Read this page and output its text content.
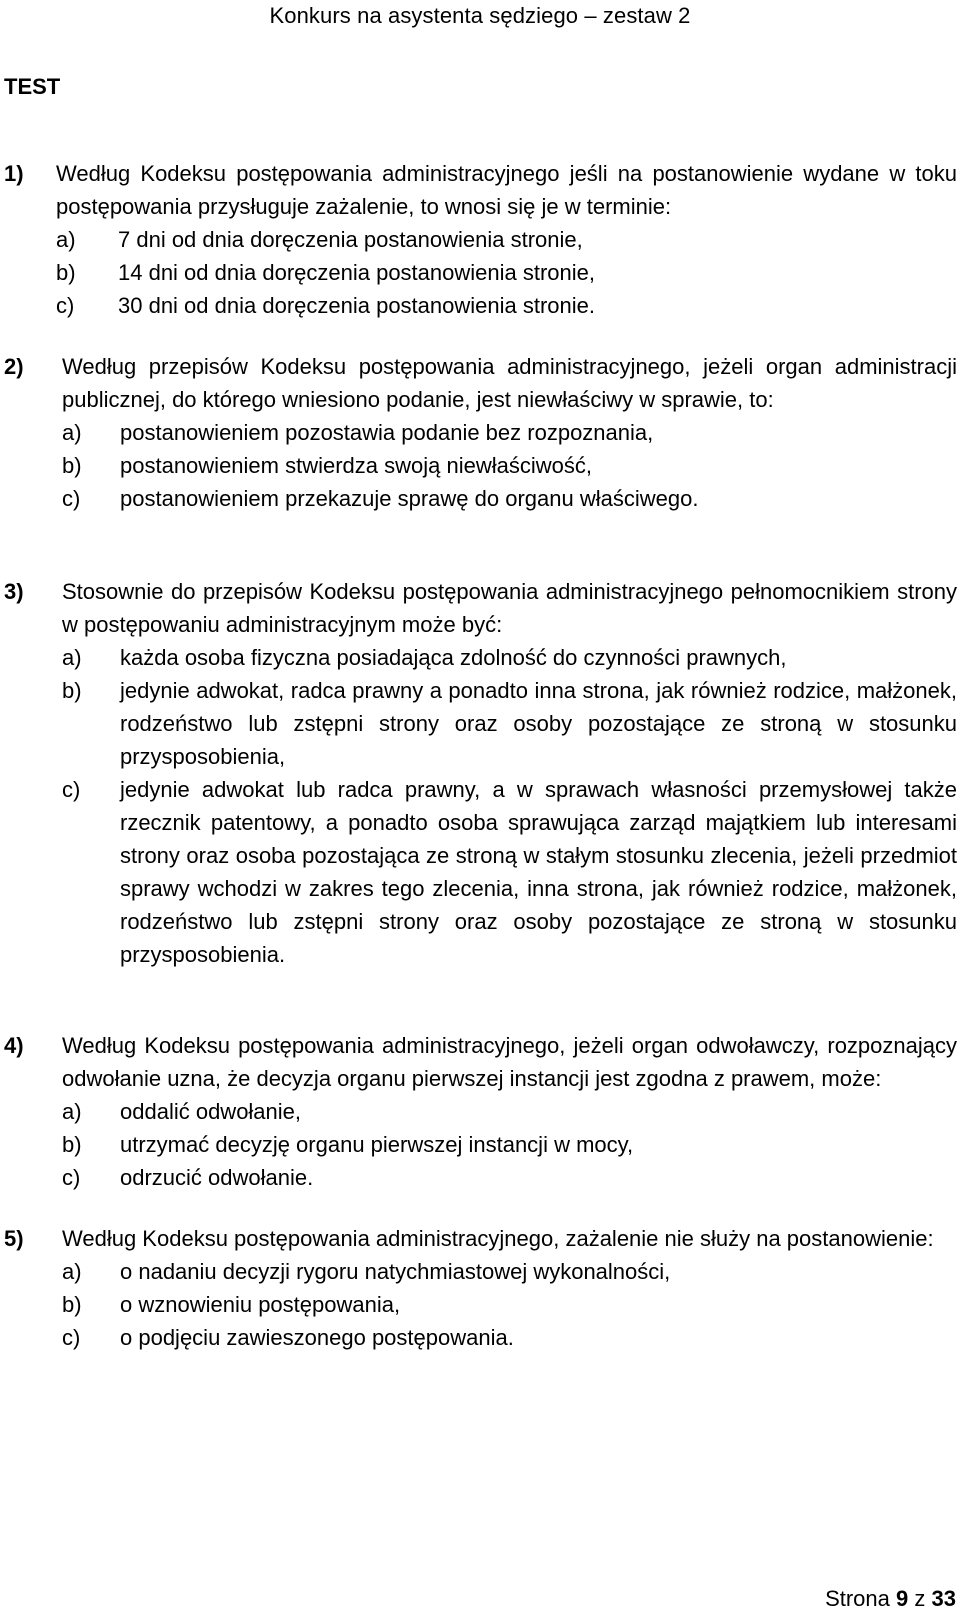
Konkurs na asystenta sędziego – zestaw 2
TEST
1)	Według Kodeksu postępowania administracyjnego jeśli na postanowienie wydane w toku postępowania przysługuje zażalenie, to wnosi się je w terminie:
a)	7 dni od dnia doręczenia postanowienia stronie,
b)	14 dni od dnia doręczenia postanowienia stronie,
c)	30 dni od dnia doręczenia postanowienia stronie.
2)	Według przepisów Kodeksu postępowania administracyjnego, jeżeli organ administracji publicznej, do którego wniesiono podanie, jest niewłaściwy w sprawie, to:
a)	postanowieniem pozostawia podanie bez rozpoznania,
b)	postanowieniem stwierdza swoją niewłaściwość,
c)	postanowieniem przekazuje sprawę do organu właściwego.
3)	Stosownie do przepisów Kodeksu postępowania administracyjnego pełnomocnikiem strony w postępowaniu administracyjnym może być:
a)	każda osoba fizyczna posiadająca zdolność do czynności prawnych,
b)	jedynie adwokat, radca prawny a ponadto inna strona, jak również rodzice, małżonek, rodzeństwo lub zstępni strony oraz osoby pozostające ze stroną w stosunku przysposobienia,
c)	jedynie adwokat lub radca prawny, a w sprawach własności przemysłowej także rzecznik patentowy, a ponadto osoba sprawująca zarząd majątkiem lub interesami strony oraz osoba pozostająca ze stroną w stałym stosunku zlecenia, jeżeli przedmiot sprawy wchodzi w zakres tego zlecenia, inna strona, jak również rodzice, małżonek, rodzeństwo lub zstępni strony oraz osoby pozostające ze stroną w stosunku przysposobienia.
4)	Według Kodeksu postępowania administracyjnego, jeżeli organ odwoławczy, rozpoznający odwołanie uzna, że decyzja organu pierwszej instancji jest zgodna z prawem, może:
a)	oddalić odwołanie,
b)	utrzymać decyzję organu pierwszej instancji w mocy,
c)	odrzucić odwołanie.
5)	Według Kodeksu postępowania administracyjnego, zażalenie nie służy na postanowienie:
a)	o nadaniu decyzji rygoru natychmiastowej wykonalności,
b)	o wznowieniu postępowania,
c)	o podjęciu zawieszonego postępowania.
Strona 9 z 33
